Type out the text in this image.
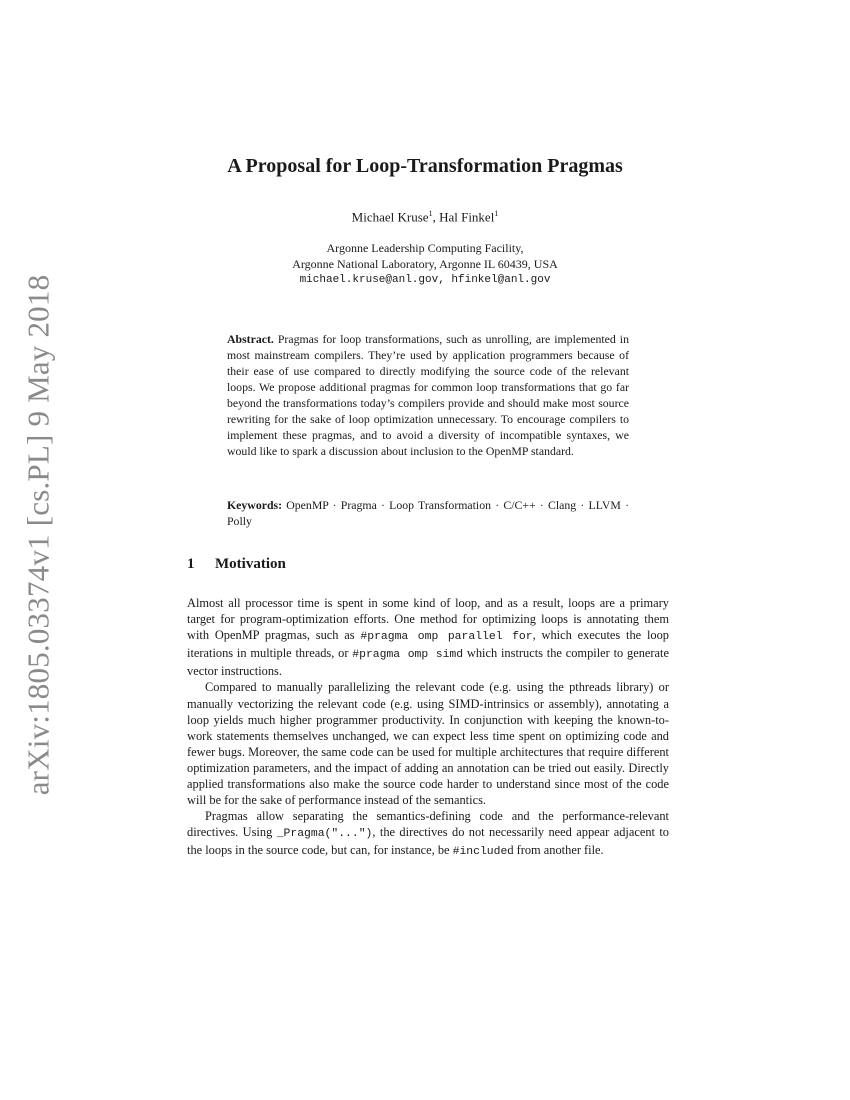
arXiv:1805.03374v1 [cs.PL] 9 May 2018
A Proposal for Loop-Transformation Pragmas
Michael Kruse$^1$, Hal Finkel$^1$
Argonne Leadership Computing Facility,
Argonne National Laboratory, Argonne IL 60439, USA
michael.kruse@anl.gov, hfinkel@anl.gov
Abstract. Pragmas for loop transformations, such as unrolling, are implemented in most mainstream compilers. They’re used by application programmers because of their ease of use compared to directly modifying the source code of the relevant loops. We propose additional pragmas for common loop transformations that go far beyond the transformations today’s compilers provide and should make most source rewriting for the sake of loop optimization unnecessary. To encourage compilers to implement these pragmas, and to avoid a diversity of incompatible syntaxes, we would like to spark a discussion about inclusion to the OpenMP standard.
Keywords: OpenMP · Pragma · Loop Transformation · C/C++ · Clang · LLVM · Polly
1 Motivation

Almost all processor time is spent in some kind of loop, and as a result, loops are a primary target for program-optimization efforts. One method for optimizing loops is annotating them with OpenMP pragmas, such as #pragma omp parallel for, which executes the loop iterations in multiple threads, or #pragma omp simd which instructs the compiler to generate vector instructions.

Compared to manually parallelizing the relevant code (e.g. using the pthreads library) or manually vectorizing the relevant code (e.g. using SIMD-intrinsics or assembly), annotating a loop yields much higher programmer productivity. In conjunction with keeping the known-to-work statements themselves unchanged, we can expect less time spent on optimizing code and fewer bugs. Moreover, the same code can be used for multiple architectures that require different optimization parameters, and the impact of adding an annotation can be tried out easily. Directly applied transformations also make the source code harder to understand since most of the code will be for the sake of performance instead of the semantics.

Pragmas allow separating the semantics-defining code and the performance-relevant directives. Using _Pragma("..."), the directives do not necessarily need appear adjacent to the loops in the source code, but can, for instance, be #included from another file.
